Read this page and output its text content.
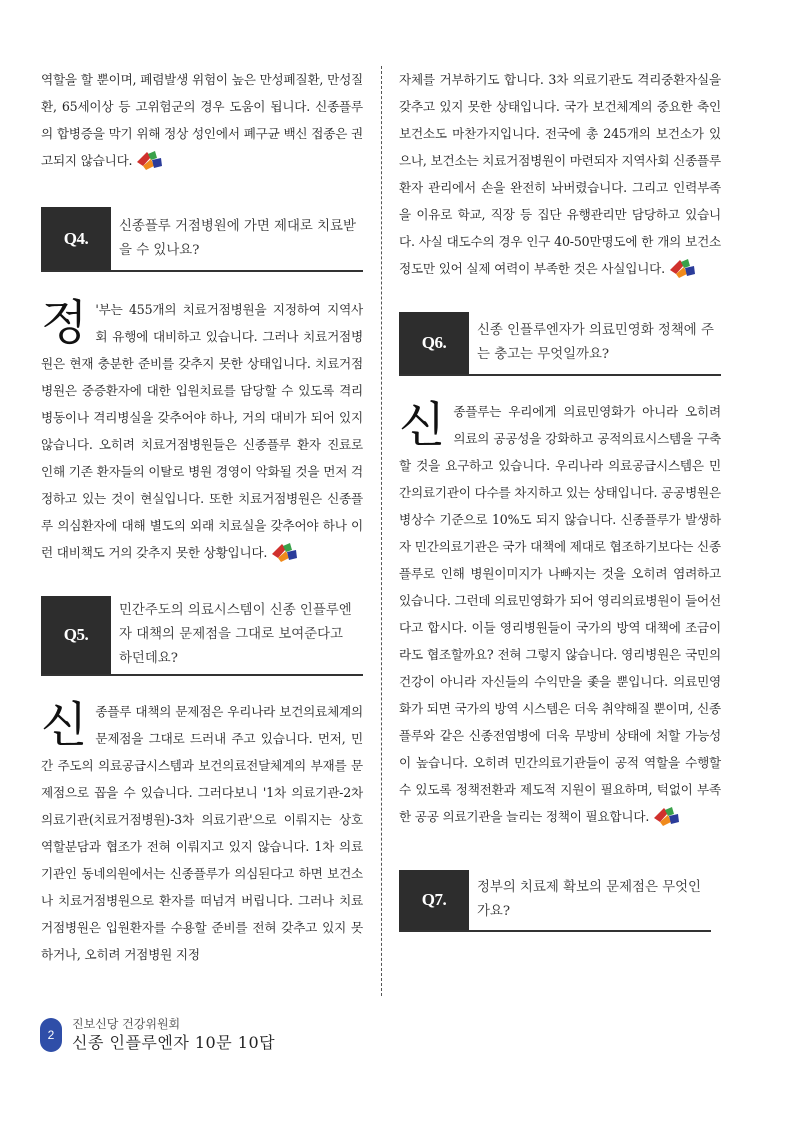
역할을 할 뿐이며, 폐렴발생 위험이 높은 만성폐질환, 만성질환, 65세이상 등 고위험군의 경우 도움이 됩니다. 신종플루의 합병증을 막기 위해 정상 성인에서 폐구균 백신 접종은 권고되지 않습니다.

Q4.
신종플루 거점병원에 가면 제대로 치료받을 수 있나요?
정 '부는 455개의 치료거점병원을 지정하여 지역사회 유행에 대비하고 있습니다. 그러나 치료거점병원은 현재 충분한 준비를 갖추지 못한 상태입니다. 치료거점병원은 중증환자에 대한 입원치료를 담당할 수 있도록 격리병동이나 격리병실을 갖추어야 하나, 거의 대비가 되어 있지 않습니다. 오히려 치료거점병원들은 신종플루 환자 진료로 인해 기존 환자들의 이탈로 병원 경영이 악화될 것을 먼저 걱정하고 있는 것이 현실입니다. 또한 치료거점병원은 신종플루 의심환자에 대해 별도의 외래 치료실을 갖추어야 하나 이런 대비책도 거의 갖추지 못한 상황입니다.

Q5.
민간주도의 의료시스템이 신종 인플루엔자 대책의 문제점을 그대로 보여준다고 하던데요?
신 종플루 대책의 문제점은 우리나라 보건의료체계의 문제점을 그대로 드러내 주고 있습니다. 먼저, 민간 주도의 의료공급시스템과 보건의료전달체계의 부재를 문제점으로 꼽을 수 있습니다. 그러다보니 '1차 의료기관-2차 의료기관(치료거점병원)-3차 의료기관'으로 이뤄지는 상호 역할분담과 협조가 전혀 이뤄지고 있지 않습니다. 1차 의료기관인 동네의원에서는 신종플루가 의심된다고 하면 보건소나 치료거점병원으로 환자를 떠넘겨 버립니다. 그러나 치료거점병원은 입원환자를 수용할 준비를 전혀 갖추고 있지 못하거나, 오히려 거점병원 지정

자체를 거부하기도 합니다. 3차 의료기관도 격리중환자실을 갖추고 있지 못한 상태입니다. 국가 보건체계의 중요한 축인 보건소도 마찬가지입니다. 전국에 총 245개의 보건소가 있으나, 보건소는 치료거점병원이 마련되자 지역사회 신종플루 환자 관리에서 손을 완전히 놔버렸습니다. 그리고 인력부족을 이유로 학교, 직장 등 집단 유행관리만 담당하고 있습니다. 사실 대도수의 경우 인구 40-50만명도에 한 개의 보건소 정도만 있어 실제 여력이 부족한 것은 사실입니다.

Q6.
신종 인플루엔자가 의료민영화 정책에 주는 충고는 무엇일까요?
신 종플루는 우리에게 의료민영화가 아니라 오히려 의료의 공공성을 강화하고 공적의료시스템을 구축할 것을 요구하고 있습니다. 우리나라 의료공급시스템은 민간의료기관이 다수를 차지하고 있는 상태입니다. 공공병원은 병상수 기준으로 10%도 되지 않습니다. 신종플루가 발생하자 민간의료기관은 국가 대책에 제대로 협조하기보다는 신종플루로 인해 병원이미지가 나빠지는 것을 오히려 염려하고 있습니다. 그런데 의료민영화가 되어 영리의료병원이 들어선다고 합시다. 이들 영리병원들이 국가의 방역 대책에 조금이라도 협조할까요? 전혀 그렇지 않습니다. 영리병원은 국민의 건강이 아니라 자신들의 수익만을 좇을 뿐입니다. 의료민영화가 되면 국가의 방역 시스템은 더욱 취약해질 뿐이며, 신종플루와 같은 신종전염병에 더욱 무방비 상태에 처할 가능성이 높습니다. 오히려 민간의료기관들이 공적 역할을 수행할 수 있도록 정책전환과 제도적 지원이 필요하며, 턱없이 부족한 공공 의료기관을 늘리는 정책이 필요합니다.

Q7.
정부의 치료제 확보의 문제점은 무엇인가요?
2
진보신당 건강위원회
신종 인플루엔자 10문 10답
